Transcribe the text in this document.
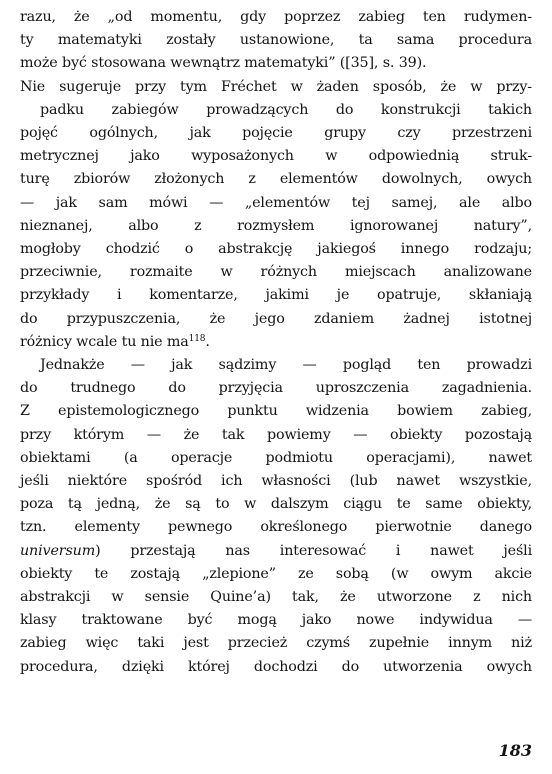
razu, że „od momentu, gdy poprzez zabieg ten rudymen-
ty matematyki zostały ustanowione, ta sama procedura
może być stosowana wewnątrz matematyki” ([35], s. 39).
Nie sugeruje przy tym Fréchet w żaden sposób, że w przy-
padku zabiegów prowadzących do konstrukcji takich
pojęć ogólnych, jak pojęcie grupy czy przestrzeni
metrycznej jako wyposażonych w odpowiednią struk-
turę zbiorów złożonych z elementów dowolnych, owych
— jak sam mówi — „elementów tej samej, ale albo
nieznanej, albo z rozmysłem ignorowanej natury”,
mogłoby chodzić o abstrakcję jakiegoś innego rodzaju;
przeciwnie, rozmaite w różnych miejscach analizowane
przykłady i komentarze, jakimi je opatruje, skłaniają
do przypuszczenia, że jego zdaniem żadnej istotnej
różnicy wcale tu nie $ma^{118}$.
Jednakże — jak sądzimy — pogląd ten prowadzi
do trudnego do przyjęcia uproszczenia zagadnienia.
Z epistemologicznego punktu widzenia bowiem zabieg,
przy którym — że tak powiemy — obiekty pozostają
obiektami (a operacje podmiotu operacjami), nawet
jeśli niektóre spośród ich własności (lub nawet wszystkie,
poza tą jedną, że są to w dalszym ciągu te same obiekty,
tzn. elementy pewnego określonego pierwotnie danego
universum) przestają nas interesować i nawet jeśli
obiekty te zostają „zlepione” ze sobą (w owym akcie
abstrakcji w sensie Quine’a) tak, że utworzone z nich
klasy traktowane być mogą jako nowe indywidua —
zabieg więc taki jest przecież czymś zupełnie innym niż
procedura, dzięki której dochodzi do utworzenia owych
183
